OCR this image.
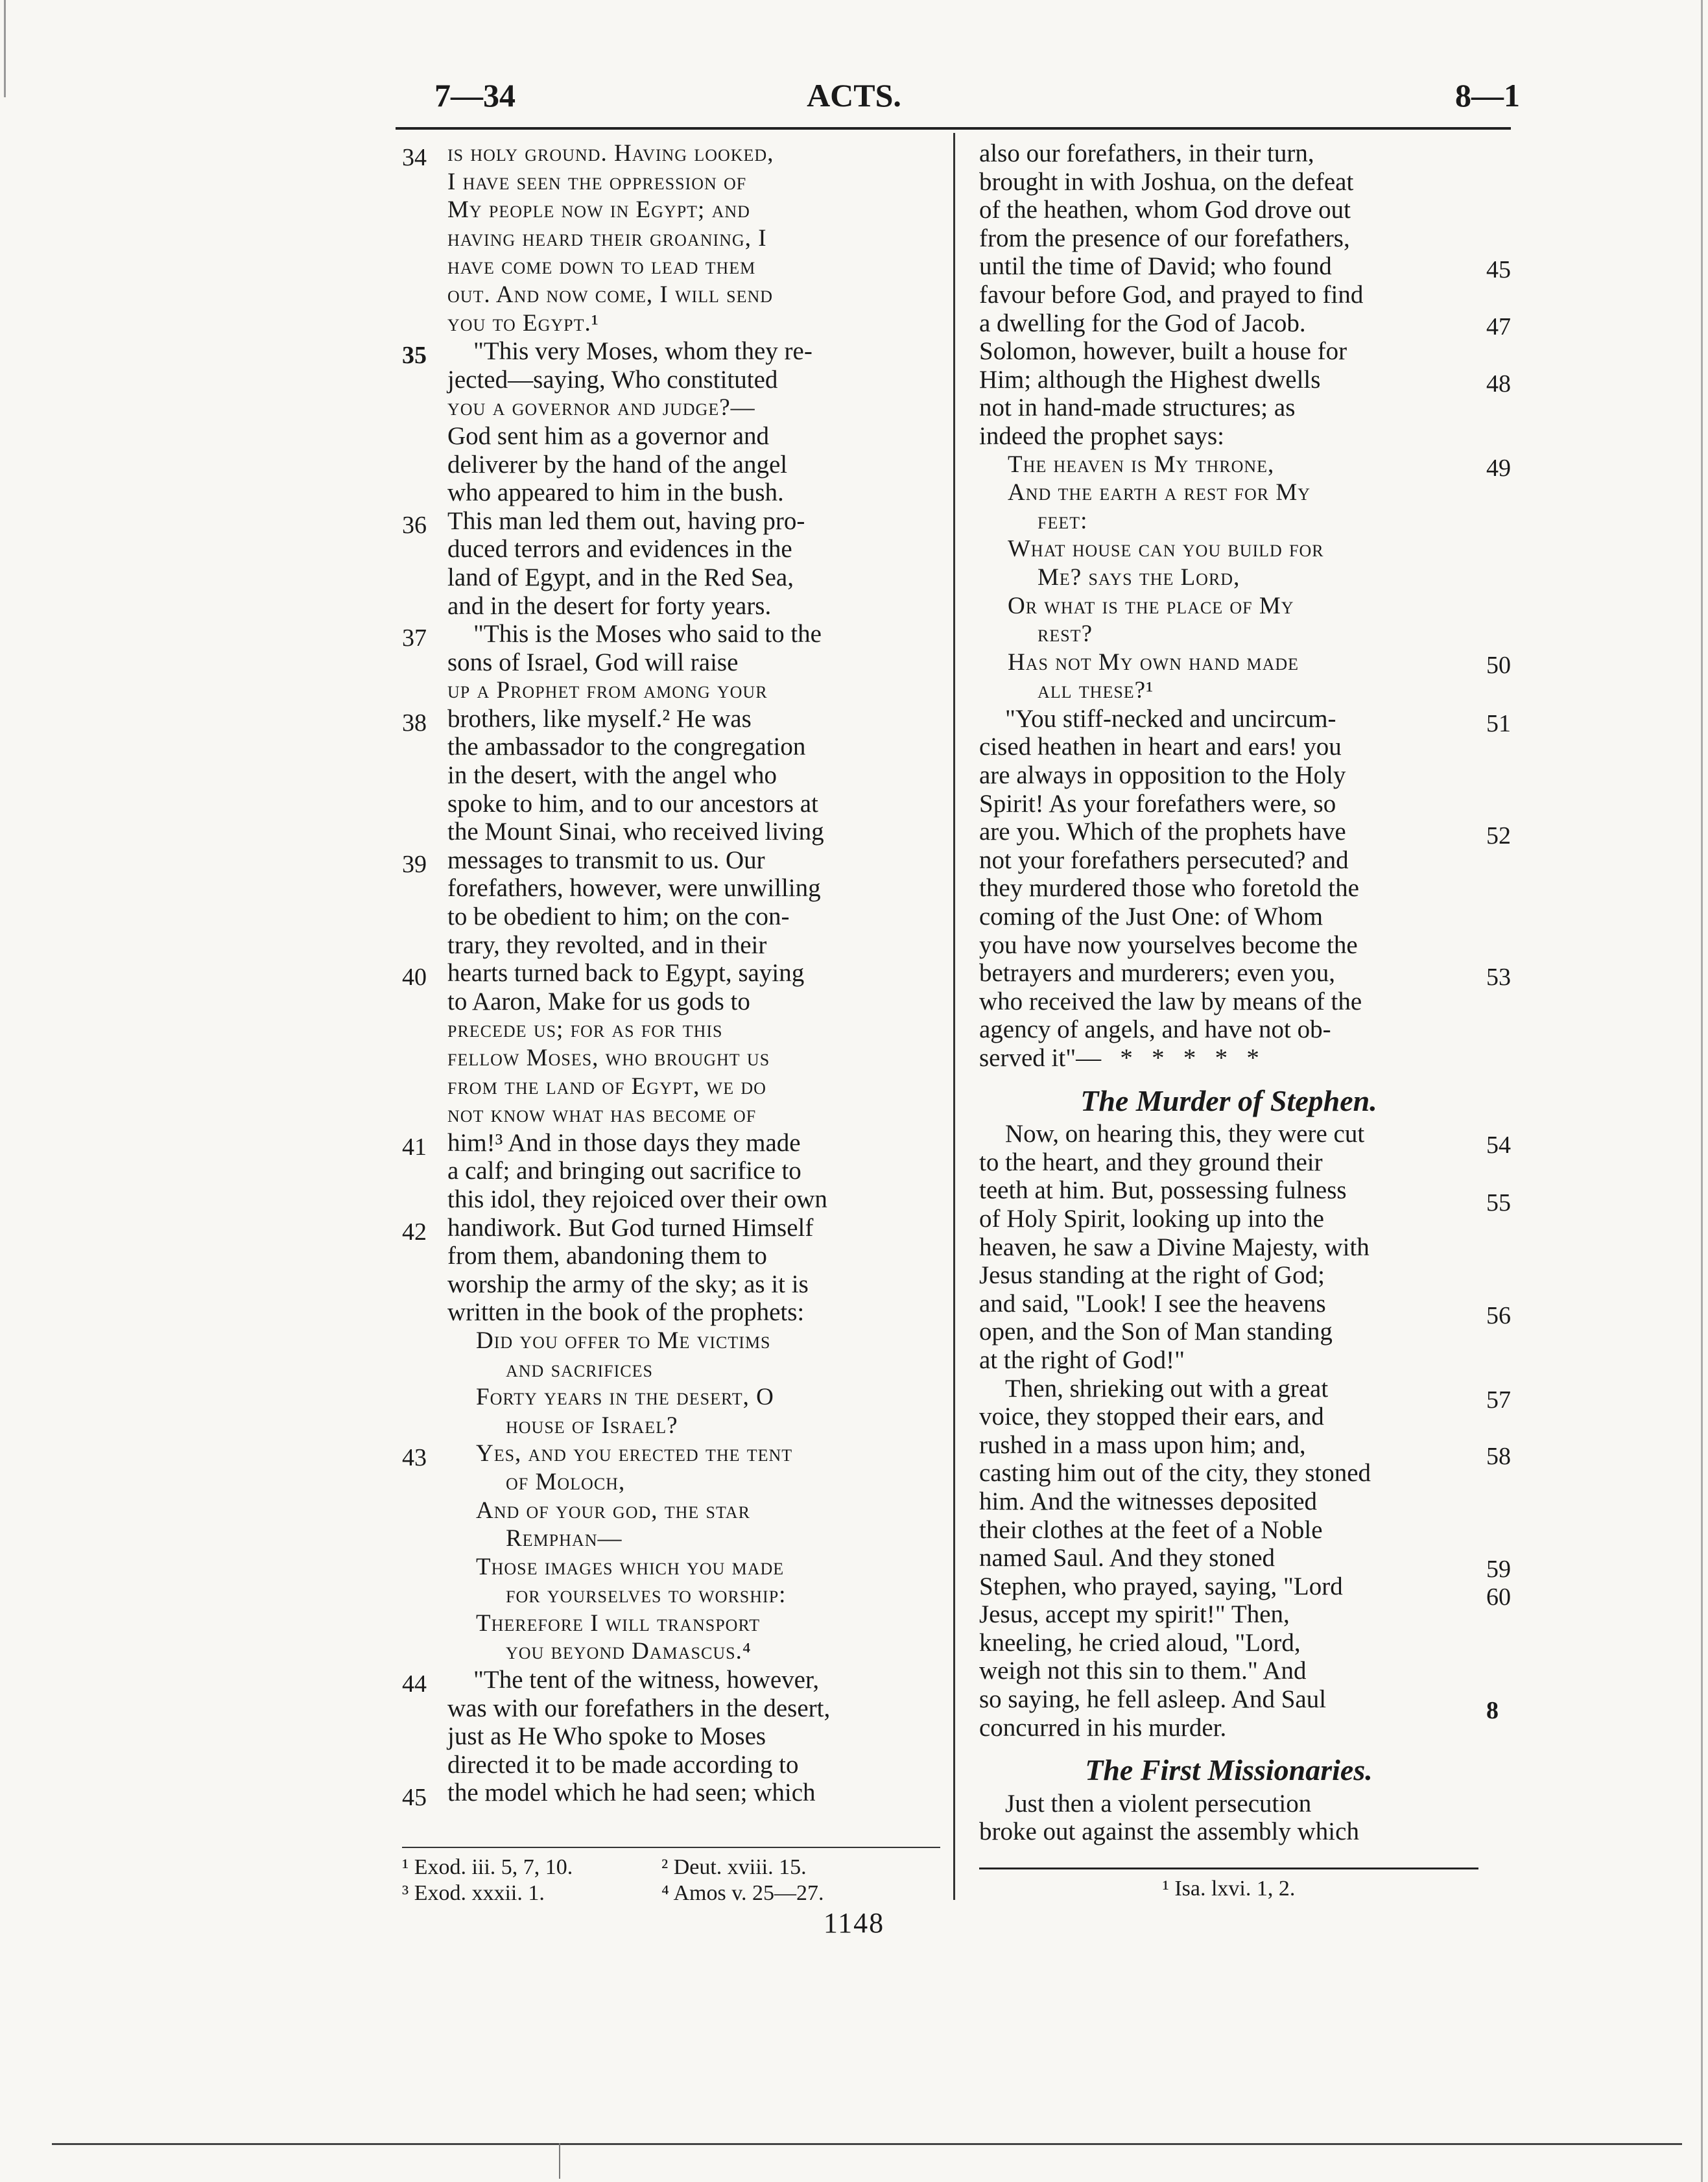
ACTS.
7—34	8—1
34
35
36
37
38
39
40
41
42
43
44
45
is holy ground. Having looked,
I have seen the oppression of
My people now in Egypt; and
having heard their groaning, I
have come down to lead them
out. And now come, I will send
you to Egypt.¹
"This very Moses, whom they re-
jected—saying, Who constituted
you a governor and judge?—
God sent him as a governor and
deliverer by the hand of the angel
who appeared to him in the bush.
This man led them out, having pro-
duced terrors and evidences in the
land of Egypt, and in the Red Sea,
and in the desert for forty years.
"This is the Moses who said to the
sons of Israel, God will raise
up a Prophet from among your
brothers, like myself.² He was
the ambassador to the congregation
in the desert, with the angel who
spoke to him, and to our ancestors at
the Mount Sinai, who received living
messages to transmit to us. Our
forefathers, however, were unwilling
to be obedient to him; on the con-
trary, they revolted, and in their
hearts turned back to Egypt, saying
to Aaron, Make for us gods to
precede us; for as for this
fellow Moses, who brought us
from the land of Egypt, we do
not know what has become of
him!³ And in those days they made
a calf; and bringing out sacrifice to
this idol, they rejoiced over their own
handiwork. But God turned Himself
from them, abandoning them to
worship the army of the sky; as it is
written in the book of the prophets:
Did you offer to Me victims
and sacrifices
Forty years in the desert, O
house of Israel?
Yes, and you erected the tent
of Moloch,
And of your god, the star
Remphan—
Those images which you made
for yourselves to worship:
Therefore I will transport
you beyond Damascus.⁴
"The tent of the witness, however,
was with our forefathers in the desert,
just as He Who spoke to Moses
directed it to be made according to
the model which he had seen; which
45
47
48
49
50
51
52
53
54
55
56
57
58
59
60
8
also our forefathers, in their turn,
brought in with Joshua, on the defeat
of the heathen, whom God drove out
from the presence of our forefathers,
until the time of David; who found
favour before God, and prayed to find
a dwelling for the God of Jacob.
Solomon, however, built a house for
Him; although the Highest dwells
not in hand-made structures; as
indeed the prophet says:
The heaven is My throne,
And the earth a rest for My
feet:
What house can you build for
Me? says the Lord,
Or what is the place of My
rest?
Has not My own hand made
all these?¹
"You stiff-necked and uncircum-
cised heathen in heart and ears! you
are always in opposition to the Holy
Spirit! As your forefathers were, so
are you. Which of the prophets have
not your forefathers persecuted? and
they murdered those who foretold the
coming of the Just One: of Whom
you have now yourselves become the
betrayers and murderers; even you,
who received the law by means of the
agency of angels, and have not ob-
served it"—   *   *   *   *   *
The Murder of Stephen.
Now, on hearing this, they were cut
to the heart, and they ground their
teeth at him. But, possessing fulness
of Holy Spirit, looking up into the
heaven, he saw a Divine Majesty, with
Jesus standing at the right of God;
and said, "Look! I see the heavens
open, and the Son of Man standing
at the right of God!"
Then, shrieking out with a great
voice, they stopped their ears, and
rushed in a mass upon him; and,
casting him out of the city, they stoned
him. And the witnesses deposited
their clothes at the feet of a Noble
named Saul. And they stoned
Stephen, who prayed, saying, "Lord
Jesus, accept my spirit!" Then,
kneeling, he cried aloud, "Lord,
weigh not this sin to them." And
so saying, he fell asleep. And Saul
concurred in his murder.
The First Missionaries.
Just then a violent persecution
broke out against the assembly which
¹ Exod. iii. 5, 7, 10.	² Deut. xviii. 15.
³ Exod. xxxii. 1.	⁴ Amos v. 25—27.	¹ Isa. lxvi. 1, 2.
1148
